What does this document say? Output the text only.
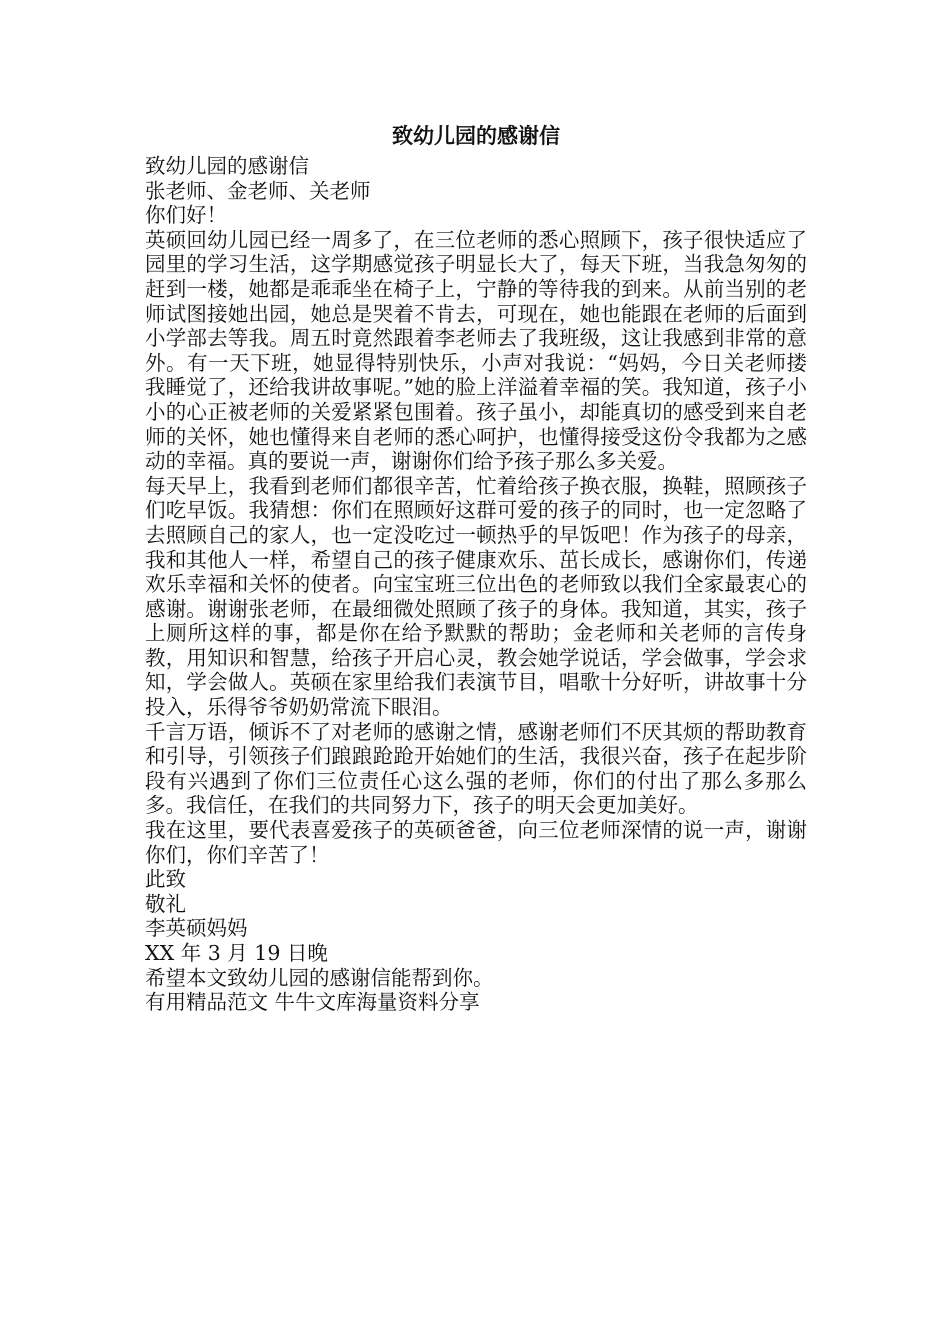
致幼儿园的感谢信

致幼儿园的感谢信

张老师、金老师、关老师

你们好！

英硕回幼儿园已经一周多了，在三位老师的悉心照顾下，孩子很快适应了园里的学习生活，这学期感觉孩子明显长大了，每天下班，当我急匆匆的赶到一楼，她都是乖乖坐在椅子上，宁静的等待我的到来。从前当别的老师试图接她出园，她总是哭着不肯去，可现在，她也能跟在老师的后面到小学部去等我。周五时竟然跟着李老师去了我班级，这让我感到非常的意外。有一天下班，她显得特别快乐，小声对我说：“妈妈，今日关老师搂我睡觉了，还给我讲故事呢。”她的脸上洋溢着幸福的笑。我知道，孩子小小的心正被老师的关爱紧紧包围着。孩子虽小，却能真切的感受到来自老师的关怀，她也懂得来自老师的悉心呵护，也懂得接受这份令我都为之感动的幸福。真的要说一声，谢谢你们给予孩子那么多关爱。

每天早上，我看到老师们都很辛苦，忙着给孩子换衣服，换鞋，照顾孩子们吃早饭。我猜想：你们在照顾好这群可爱的孩子的同时，也一定忽略了去照顾自己的家人，也一定没吃过一顿热乎的早饭吧！作为孩子的母亲，我和其他人一样，希望自己的孩子健康欢乐、茁长成长，感谢你们，传递欢乐幸福和关怀的使者。向宝宝班三位出色的老师致以我们全家最衷心的感谢。谢谢张老师，在最细微处照顾了孩子的身体。我知道，其实，孩子上厕所这样的事，都是你在给予默默的帮助；金老师和关老师的言传身教，用知识和智慧，给孩子开启心灵，教会她学说话，学会做事，学会求知，学会做人。英硕在家里给我们表演节目，唱歌十分好听，讲故事十分投入，乐得爷爷奶奶常流下眼泪。

千言万语，倾诉不了对老师的感谢之情，感谢老师们不厌其烦的帮助教育和引导，引领孩子们踉踉跄跄开始她们的生活，我很兴奋，孩子在起步阶段有兴遇到了你们三位责任心这么强的老师，你们的付出了那么多那么多。我信任，在我们的共同努力下，孩子的明天会更加美好。

我在这里，要代表喜爱孩子的英硕爸爸，向三位老师深情的说一声，谢谢你们，你们辛苦了！

此致

敬礼

李英硕妈妈

XX 年 3 月 19 日晚

希望本文致幼儿园的感谢信能帮到你。

有用精品范文 牛牛文库海量资料分享
